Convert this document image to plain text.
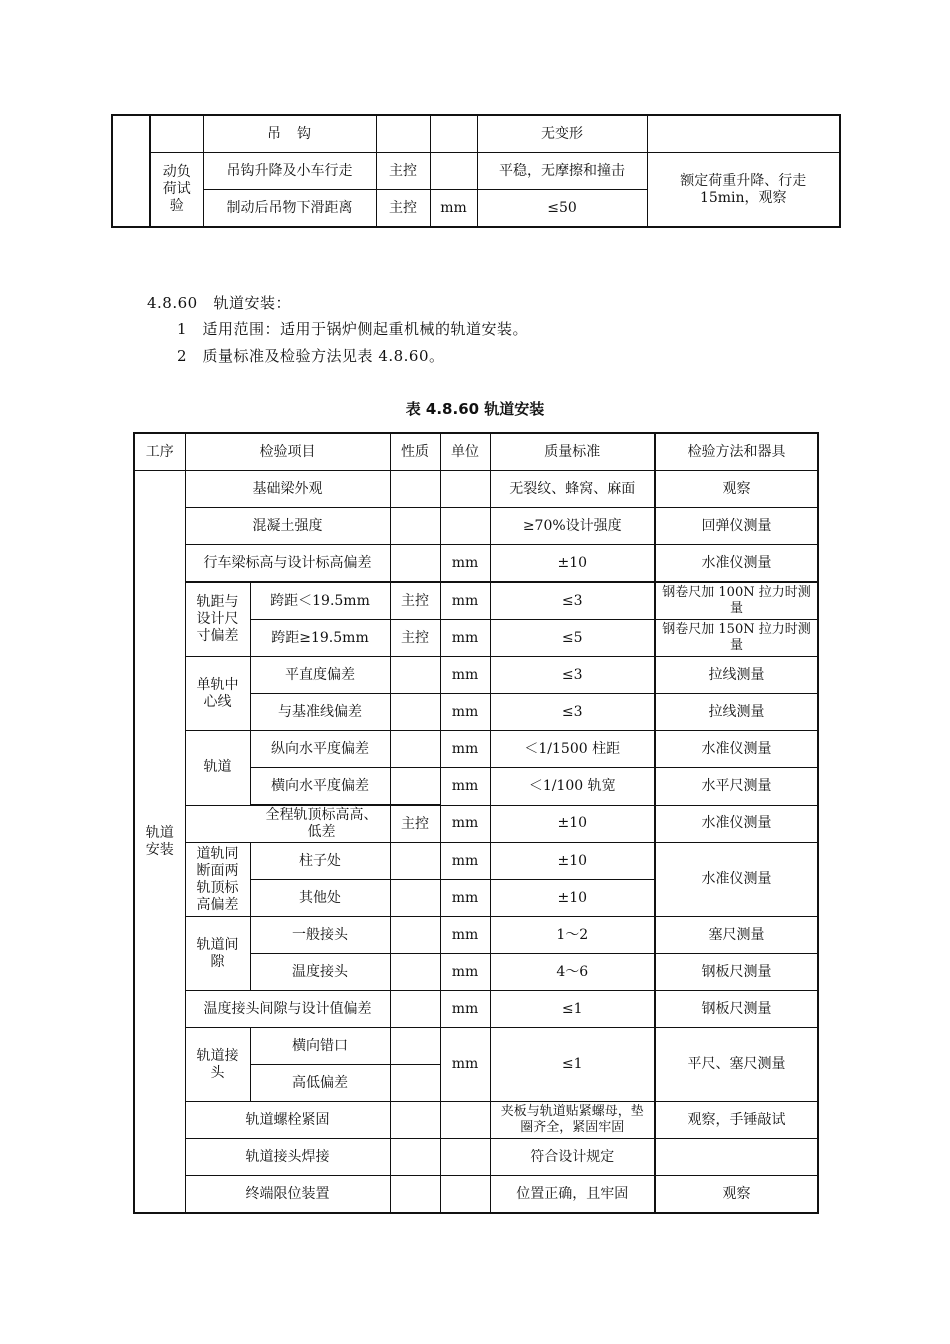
		吊　钩			无变形	
	动负荷试验	吊钩升降及小车行走	主控		平稳，无摩擦和撞击	额定荷重升降、行走15min，观察
		制动后吊物下滑距离	主控	mm	≤50	
4.8.60 轨道安装：
1　适用范围：适用于锅炉侧起重机械的轨道安装。
2　质量标准及检验方法见表 4.8.60。
表 4.8.60 轨道安装
工序	检验项目		性质	单位	质量标准	检验方法和器具
轨道安装	基础梁外观				无裂纹、蜂窝、麻面	观察
	混凝土强度				≥70%设计强度	回弹仪测量
	行车梁标高与设计标高偏差			mm	±10	水准仪测量
	轨距与设计尺寸偏差	跨距＜19.5mm	主控	mm	≤3	钢卷尺加 100N 拉力时测量
		跨距≥19.5mm	主控	mm	≤5	钢卷尺加 150N 拉力时测量
	单轨中心线	平直度偏差		mm	≤3	拉线测量
		与基准线偏差		mm	≤3	拉线测量
	轨道	纵向水平度偏差		mm	＜1/1500 柱距	水准仪测量
		横向水平度偏差		mm	＜1/100 轨宽	水平尺测量
	全程轨顶标高高、低差		主控	mm	±10	水准仪测量
	道轨同断面两轨顶标高偏差	柱子处		mm	±10	水准仪测量
		其他处		mm	±10	
	轨道间隙	一般接头		mm	1～2	塞尺测量
		温度接头		mm	4～6	钢板尺测量
	温度接头间隙与设计值偏差			mm	≤1	钢板尺测量
	轨道接头	横向错口		mm	≤1	平尺、塞尺测量
		高低偏差				
	轨道螺栓紧固				夹板与轨道贴紧螺母，垫圈齐全，紧固牢固	观察，手锤敲试
	轨道接头焊接				符合设计规定	
	终端限位装置				位置正确，且牢固	观察
